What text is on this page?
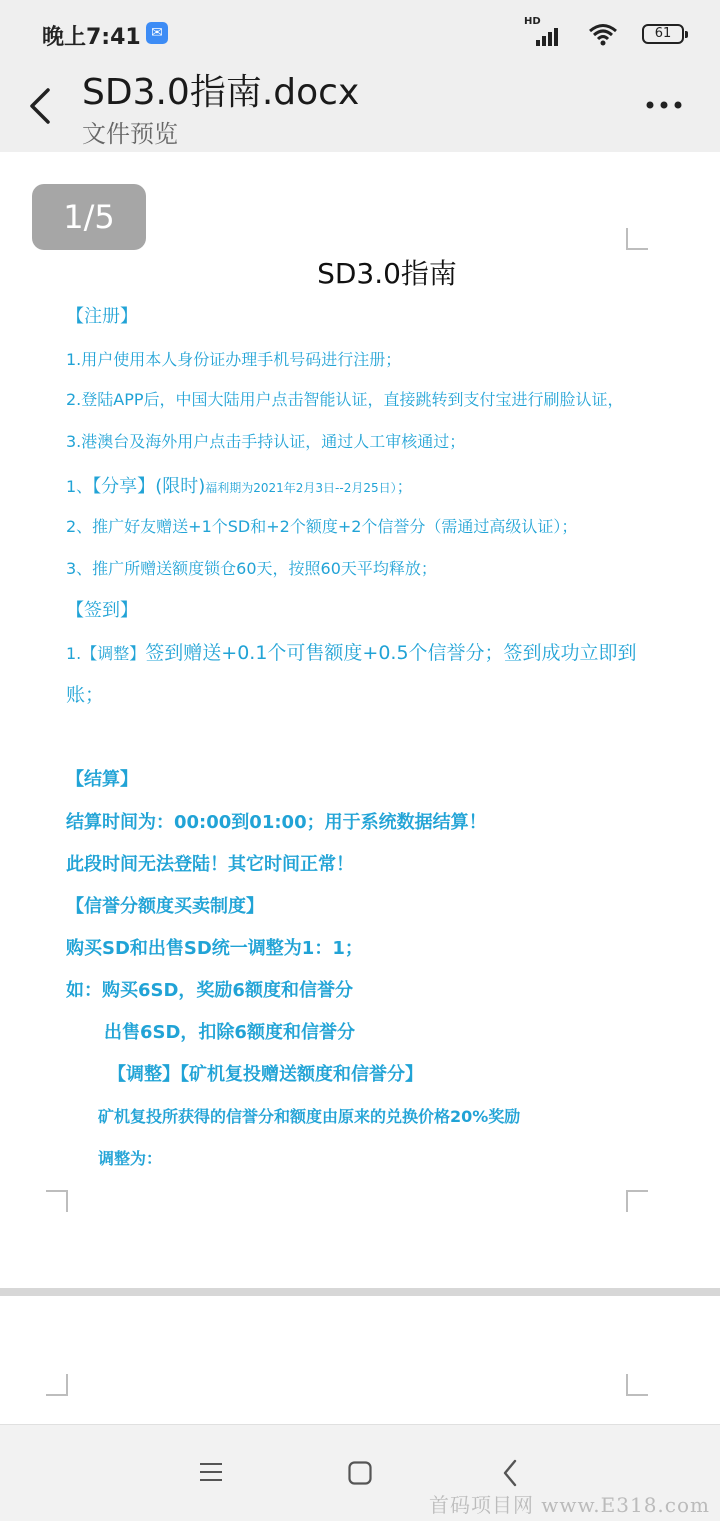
晚上7:41 ✉
HD
61
SD3.0指南.docx
文件预览
1/5
SD3.0指南
【注册】
1.用户使用本人身份证办理手机号码进行注册；
2.登陆APP后，中国大陆用户点击智能认证，直接跳转到支付宝进行刷脸认证，
3.港澳台及海外用户点击手持认证，通过人工审核通过；
1、【分享】(限时)福利期为2021年2月3日--2月25日）；
2、推广好友赠送+1个SD和+2个额度+2个信誉分（需通过高级认证）；
3、推广所赠送额度锁仓60天，按照60天平均释放；
【签到】
1.【调整】签到赠送+0.1个可售额度+0.5个信誉分；签到成功立即到
账；
【结算】
结算时间为：00:00到01:00；用于系统数据结算！
此段时间无法登陆！其它时间正常！
【信誉分额度买卖制度】
购买SD和出售SD统一调整为1：1；
如：购买6SD，奖励6额度和信誉分
出售6SD，扣除6额度和信誉分
【调整】【矿机复投赠送额度和信誉分】
矿机复投所获得的信誉分和额度由原来的兑换价格20%奖励
调整为：
首码项目网 www.E318.com
